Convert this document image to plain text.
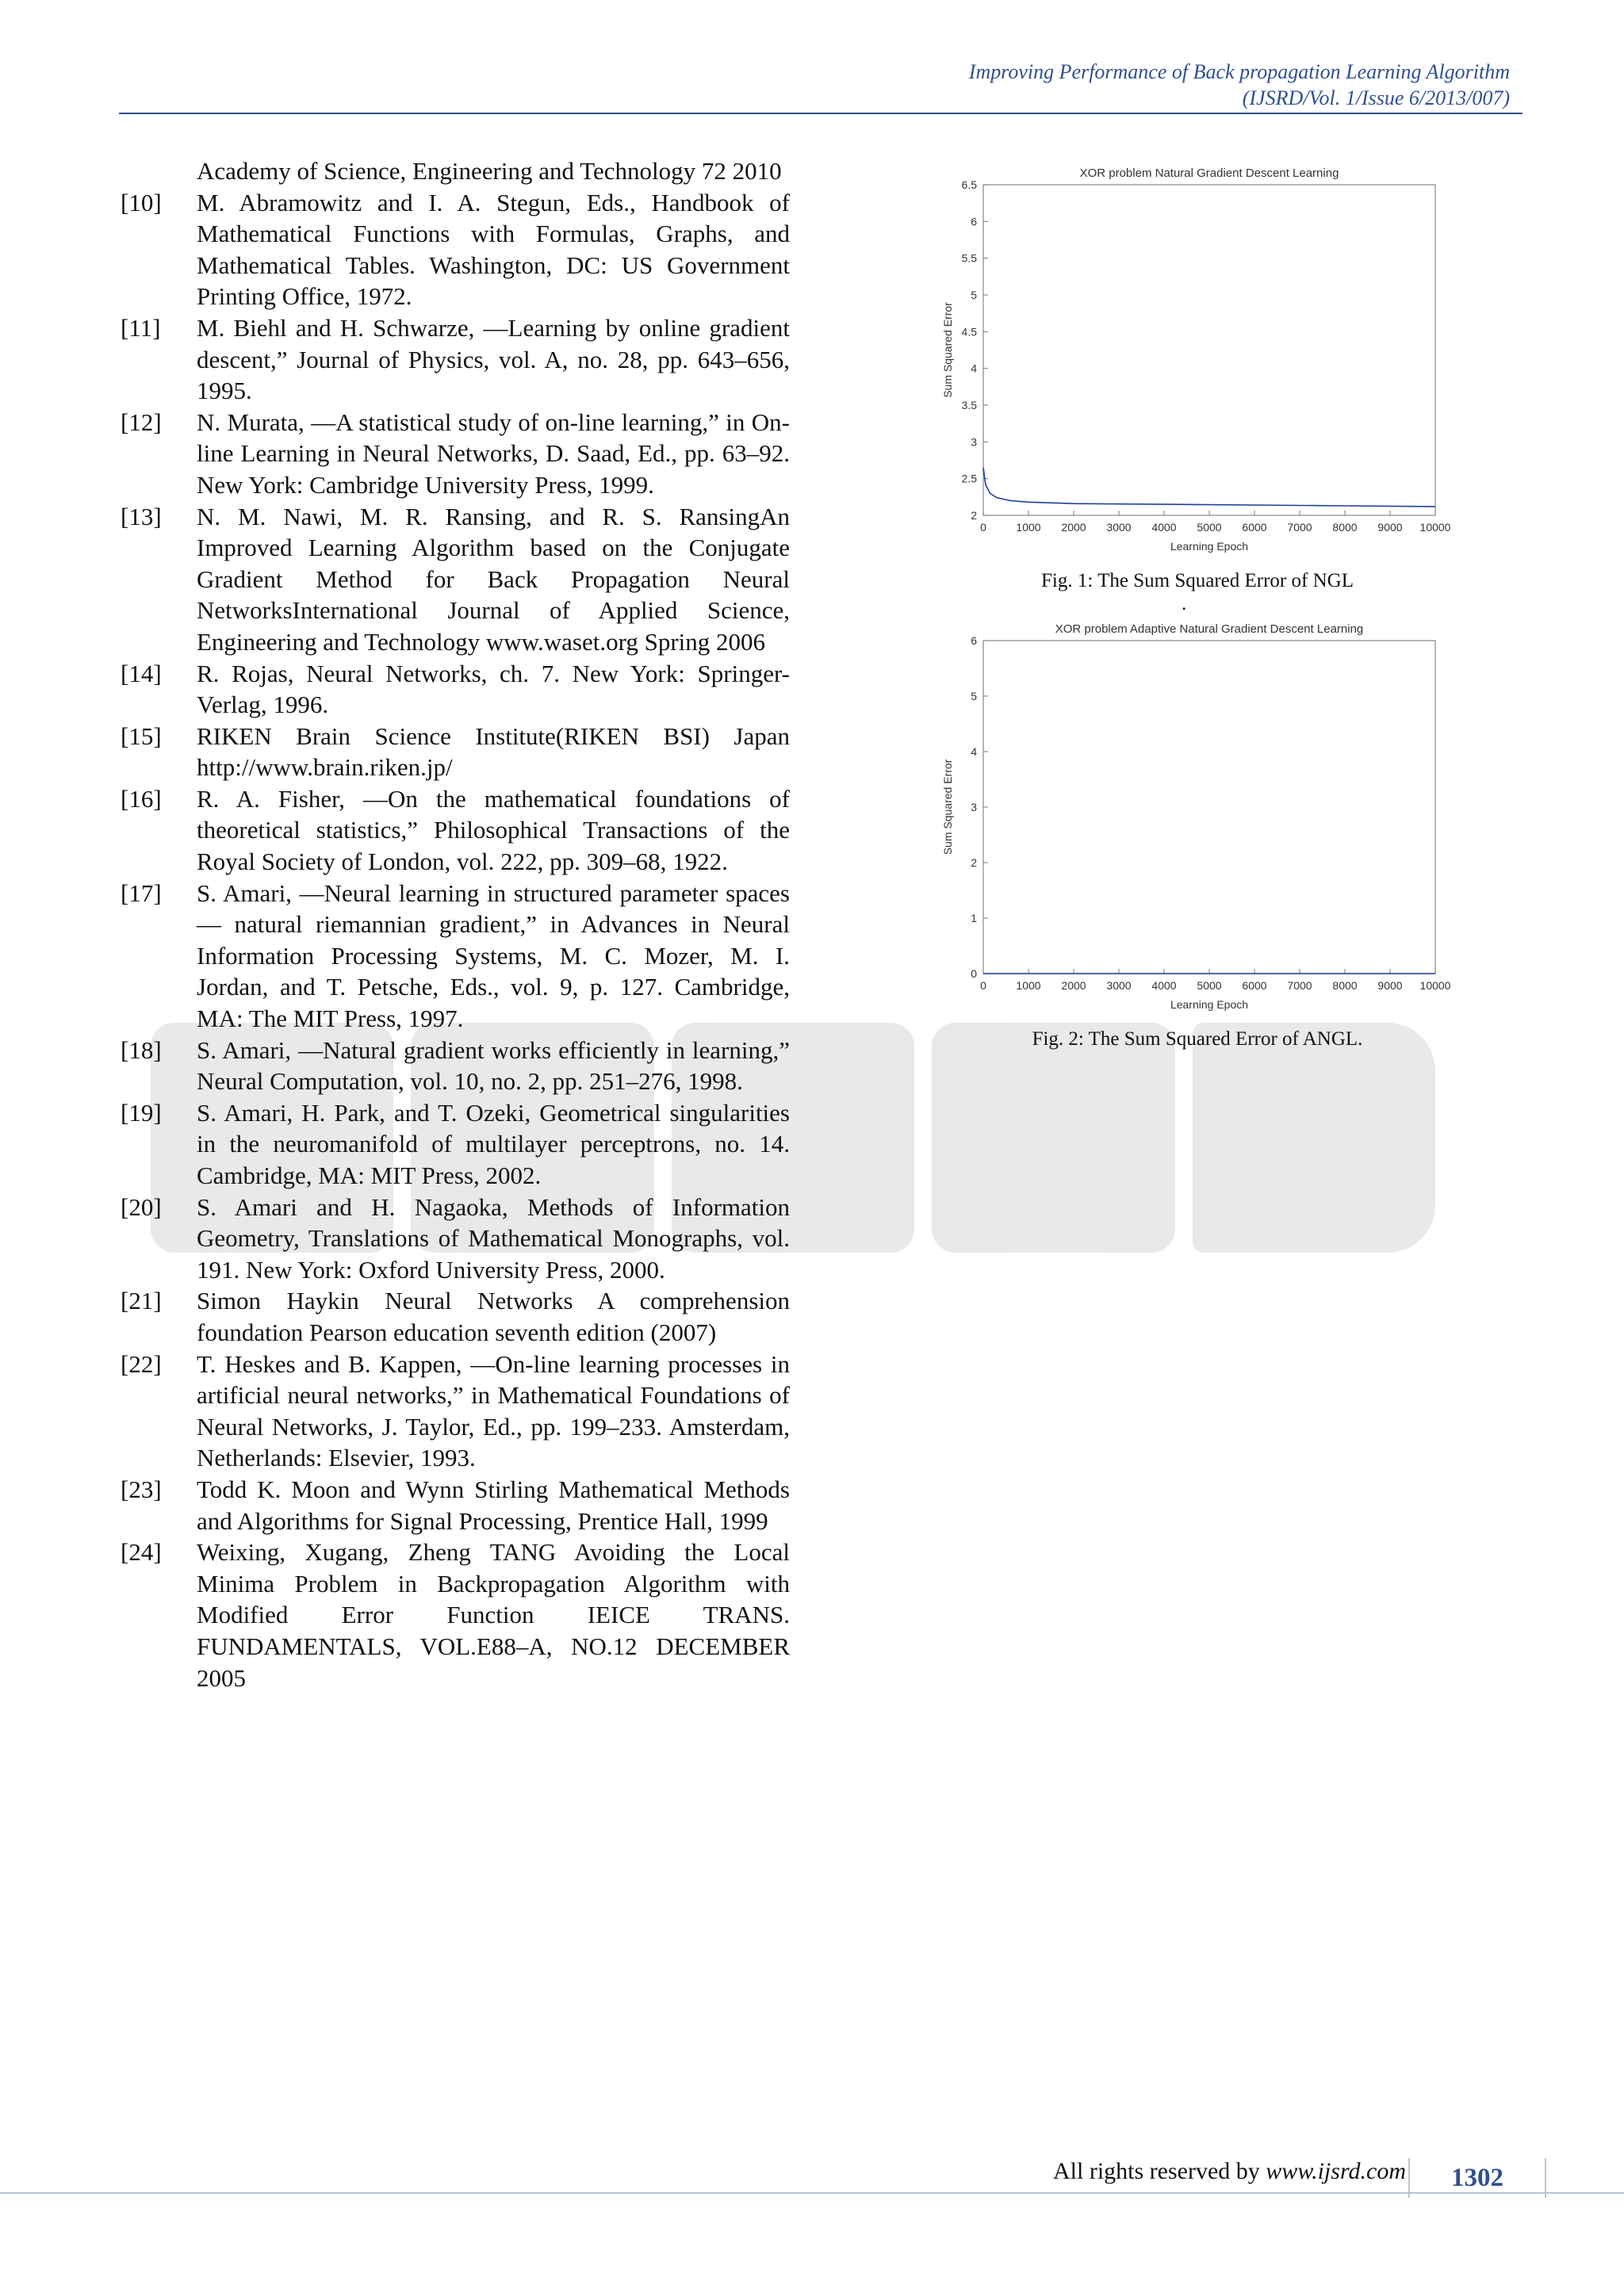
Improving Performance of Back propagation Learning Algorithm
(IJSRD/Vol. 1/Issue 6/2013/007)
Academy of Science, Engineering and Technology 72 2010
[10]	M. Abramowitz and I. A. Stegun, Eds., Handbook of Mathematical Functions with Formulas, Graphs, and Mathematical Tables. Washington, DC: US Government Printing Office, 1972.
[11]	M. Biehl and H. Schwarze, ―Learning by online gradient descent,” Journal of Physics, vol. A, no. 28, pp. 643–656, 1995.
[12]	N. Murata, ―A statistical study of on-line learning,” in On-line Learning in Neural Networks, D. Saad, Ed., pp. 63–92. New York: Cambridge University Press, 1999.
[13]	N. M. Nawi, M. R. Ransing, and R. S. RansingAn Improved Learning Algorithm based on the Conjugate Gradient Method for Back Propagation Neural NetworksInternational Journal of Applied Science, Engineering and Technology www.waset.org Spring 2006
[14]	R. Rojas, Neural Networks, ch. 7. New York: Springer-Verlag, 1996.
[15]	RIKEN Brain Science Institute(RIKEN BSI) Japan http://www.brain.riken.jp/
[16]	R. A. Fisher, ―On the mathematical foundations of theoretical statistics,” Philosophical Transactions of the Royal Society of London, vol. 222, pp. 309–68, 1922.
[17]	S. Amari, ―Neural learning in structured parameter spaces — natural riemannian gradient,” in Advances in Neural Information Processing Systems, M. C. Mozer, M. I. Jordan, and T. Petsche, Eds., vol. 9, p. 127. Cambridge, MA: The MIT Press, 1997.
[18]	S. Amari, ―Natural gradient works efficiently in learning,” Neural Computation, vol. 10, no. 2, pp. 251–276, 1998.
[19]	S. Amari, H. Park, and T. Ozeki, Geometrical singularities in the neuromanifold of multilayer perceptrons, no. 14. Cambridge, MA: MIT Press, 2002.
[20]	S. Amari and H. Nagaoka, Methods of Information Geometry, Translations of Mathematical Monographs, vol. 191. New York: Oxford University Press, 2000.
[21]	Simon Haykin Neural Networks A comprehension foundation Pearson education seventh edition (2007)
[22]	T. Heskes and B. Kappen, ―On-line learning processes in artificial neural networks,” in Mathematical Foundations of Neural Networks, J. Taylor, Ed., pp. 199–233. Amsterdam, Netherlands: Elsevier, 1993.
[23]	Todd K. Moon and Wynn Stirling Mathematical Methods and Algorithms for Signal Processing, Prentice Hall, 1999
[24]	Weixing, Xugang, Zheng TANG Avoiding the Local Minima Problem in Backpropagation Algorithm with Modified Error Function IEICE TRANS. FUNDAMENTALS, VOL.E88–A, NO.12 DECEMBER 2005
XOR problem Natural Gradient Descent Learning
0	1000 2000 3000 4000 5000 6000 7000 8000 9000 10000
2
2.5
3
3.5
4
4.5
5
5.5
6
6.5
Learning Epoch
Sum Squared Error
Fig. 1: The Sum Squared Error of NGL
.
XOR problem Adaptive Natural Gradient Descent Learning
0	1000 2000 3000 4000 5000 6000 7000 8000 9000 10000
0
1
2
3
4
5
6
Learning Epoch
Sum Squared Error
Fig. 2: The Sum Squared Error of ANGL.
All rights reserved by www.ijsrd.com	1302
